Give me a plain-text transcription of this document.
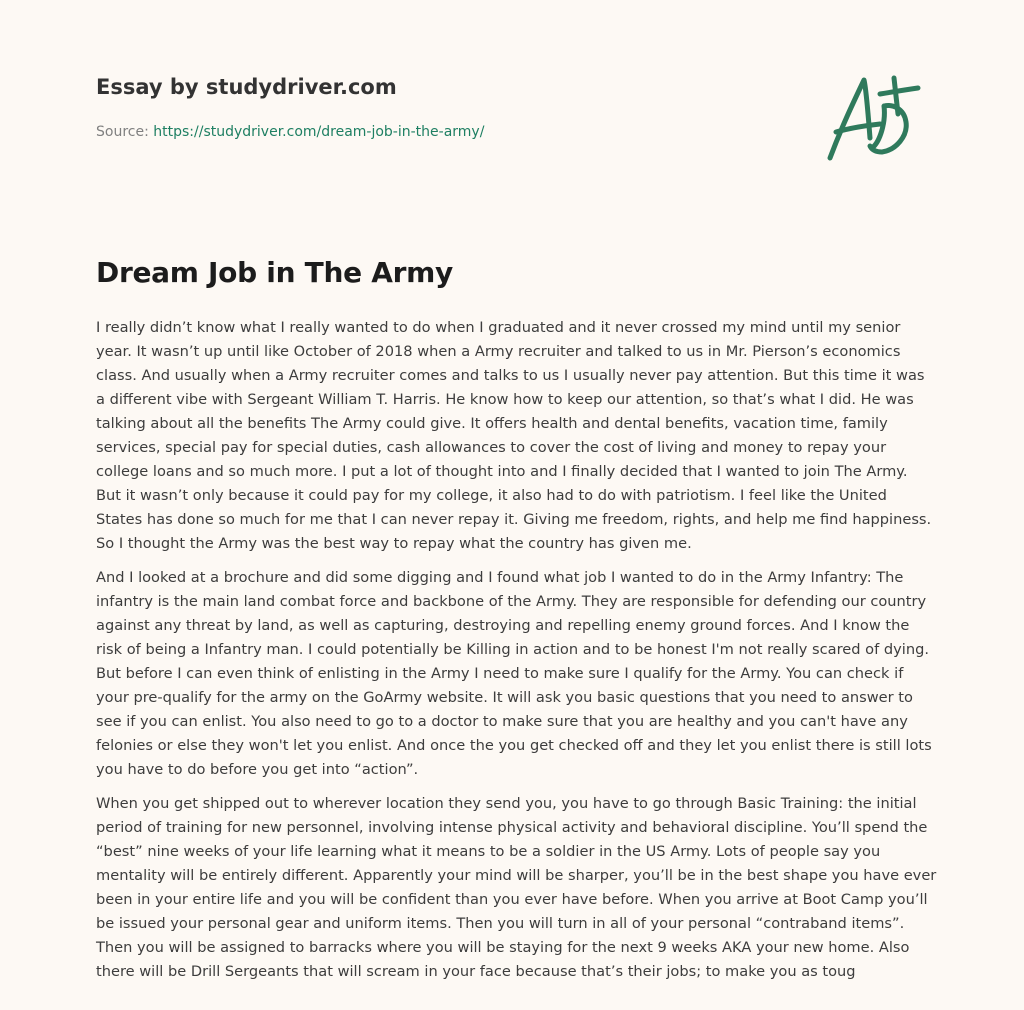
Essay by studydriver.com
Source: https://studydriver.com/dream-job-in-the-army/
Dream Job in The Army

I really didn’t know what I really wanted to do when I graduated and it never crossed my mind until my senior
year. It wasn’t up until like October of 2018 when a Army recruiter and talked to us in Mr. Pierson’s economics
class. And usually when a Army recruiter comes and talks to us I usually never pay attention. But this time it was
a different vibe with Sergeant William T. Harris. He know how to keep our attention, so that’s what I did. He was
talking about all the benefits The Army could give. It offers health and dental benefits, vacation time, family
services, special pay for special duties, cash allowances to cover the cost of living and money to repay your
college loans and so much more. I put a lot of thought into and I finally decided that I wanted to join The Army.
But it wasn’t only because it could pay for my college, it also had to do with patriotism. I feel like the United
States has done so much for me that I can never repay it. Giving me freedom, rights, and help me find happiness.
So I thought the Army was the best way to repay what the country has given me.

And I looked at a brochure and did some digging and I found what job I wanted to do in the Army Infantry: The
infantry is the main land combat force and backbone of the Army. They are responsible for defending our country
against any threat by land, as well as capturing, destroying and repelling enemy ground forces. And I know the
risk of being a Infantry man. I could potentially be Killing in action and to be honest I'm not really scared of dying.
But before I can even think of enlisting in the Army I need to make sure I qualify for the Army. You can check if
your pre-qualify for the army on the GoArmy website. It will ask you basic questions that you need to answer to
see if you can enlist. You also need to go to a doctor to make sure that you are healthy and you can't have any
felonies or else they won't let you enlist. And once the you get checked off and they let you enlist there is still lots
you have to do before you get into “action”.

When you get shipped out to wherever location they send you, you have to go through Basic Training: the initial
period of training for new personnel, involving intense physical activity and behavioral discipline. You’ll spend the
“best” nine weeks of your life learning what it means to be a soldier in the US Army. Lots of people say you
mentality will be entirely different. Apparently your mind will be sharper, you’ll be in the best shape you have ever
been in your entire life and you will be confident than you ever have before. When you arrive at Boot Camp you’ll
be issued your personal gear and uniform items. Then you will turn in all of your personal “contraband items”.
Then you will be assigned to barracks where you will be staying for the next 9 weeks AKA your new home. Also
there will be Drill Sergeants that will scream in your face because that’s their jobs; to make you as toug
